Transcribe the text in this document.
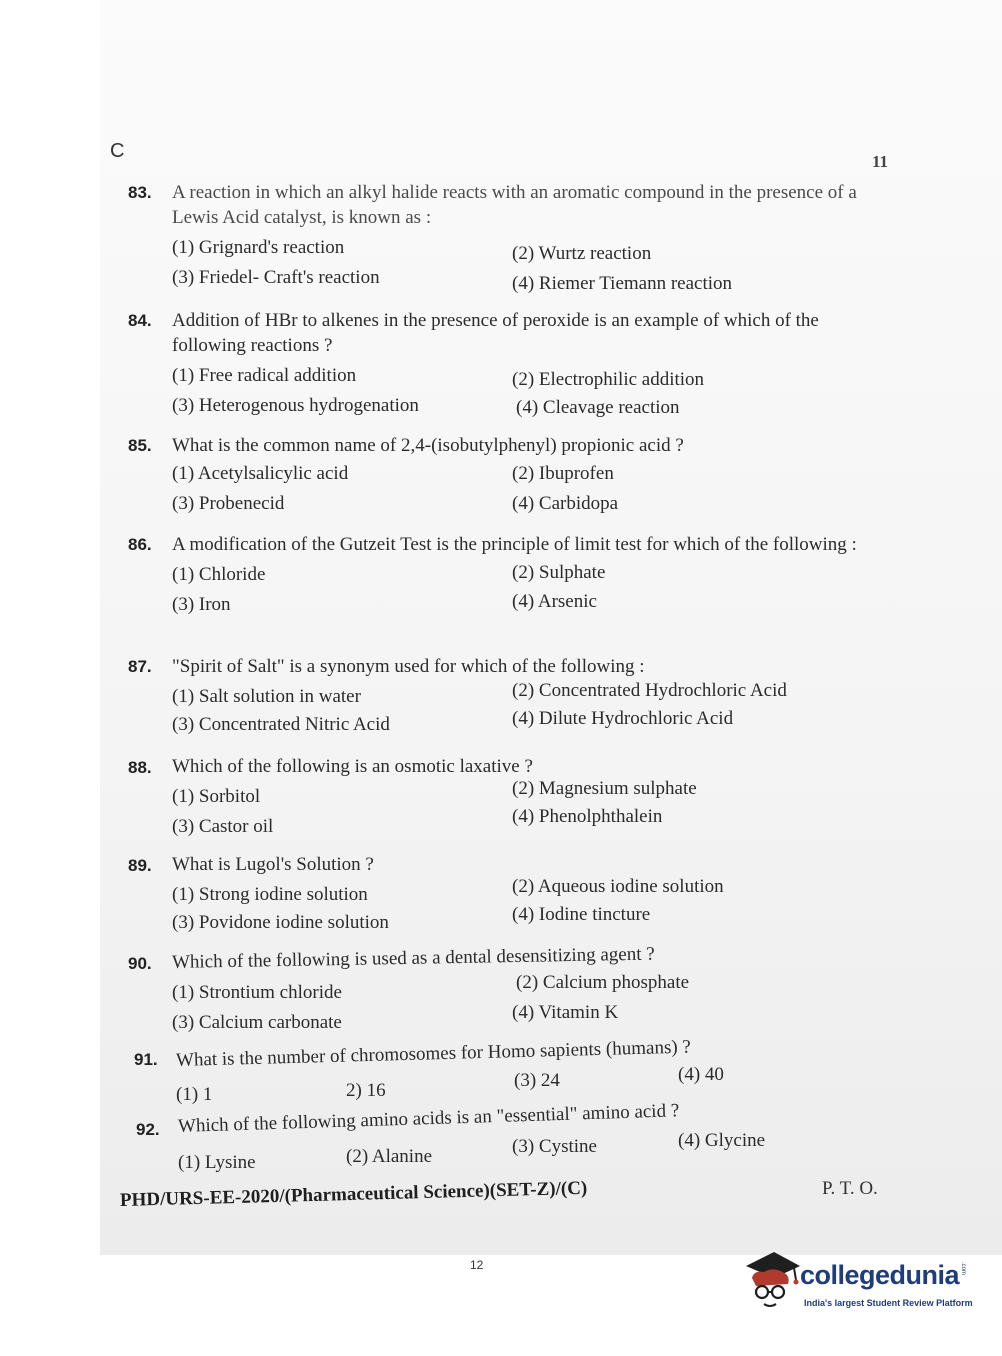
C	11
83. A reaction in which an alkyl halide reacts with an aromatic compound in the presence of a Lewis Acid catalyst, is known as :
(1) Grignard's reaction	(2) Wurtz reaction
(3) Friedel- Craft's reaction	(4) Riemer Tiemann reaction
84. Addition of HBr to alkenes in the presence of peroxide is an example of which of the following reactions ?
(1) Free radical addition	(2) Electrophilic addition
(3) Heterogenous hydrogenation	(4) Cleavage reaction
85. What is the common name of 2,4-(isobutylphenyl) propionic acid ?
(1) Acetylsalicylic acid	(2) Ibuprofen
(3) Probenecid	(4) Carbidopa
86. A modification of the Gutzeit Test is the principle of limit test for which of the following :
(1) Chloride	(2) Sulphate
(3) Iron	(4) Arsenic
87. "Spirit of Salt" is a synonym used for which of the following :
(1) Salt solution in water	(2) Concentrated Hydrochloric Acid
(3) Concentrated Nitric Acid	(4) Dilute Hydrochloric Acid
88. Which of the following is an osmotic laxative ?
(1) Sorbitol	(2) Magnesium sulphate
(3) Castor oil	(4) Phenolphthalein
89. What is Lugol's Solution ?
(1) Strong iodine solution	(2) Aqueous iodine solution
(3) Povidone iodine solution	(4) Iodine tincture
90. Which of the following is used as a dental desensitizing agent ?
(1) Strontium chloride	(2) Calcium phosphate
(3) Calcium carbonate	(4) Vitamin K
91. What is the number of chromosomes for Homo sapients (humans) ?
(1) 1	2) 16	(3) 24	(4) 40
92. Which of the following amino acids is an "essential" amino acid ?
(1) Lysine	(2) Alanine	(3) Cystine	(4) Glycine
PHD/URS-EE-2020/(Pharmaceutical Science)(SET-Z)/(C)	P. T. O.
12	collegedunia .com
India's largest Student Review Platform
